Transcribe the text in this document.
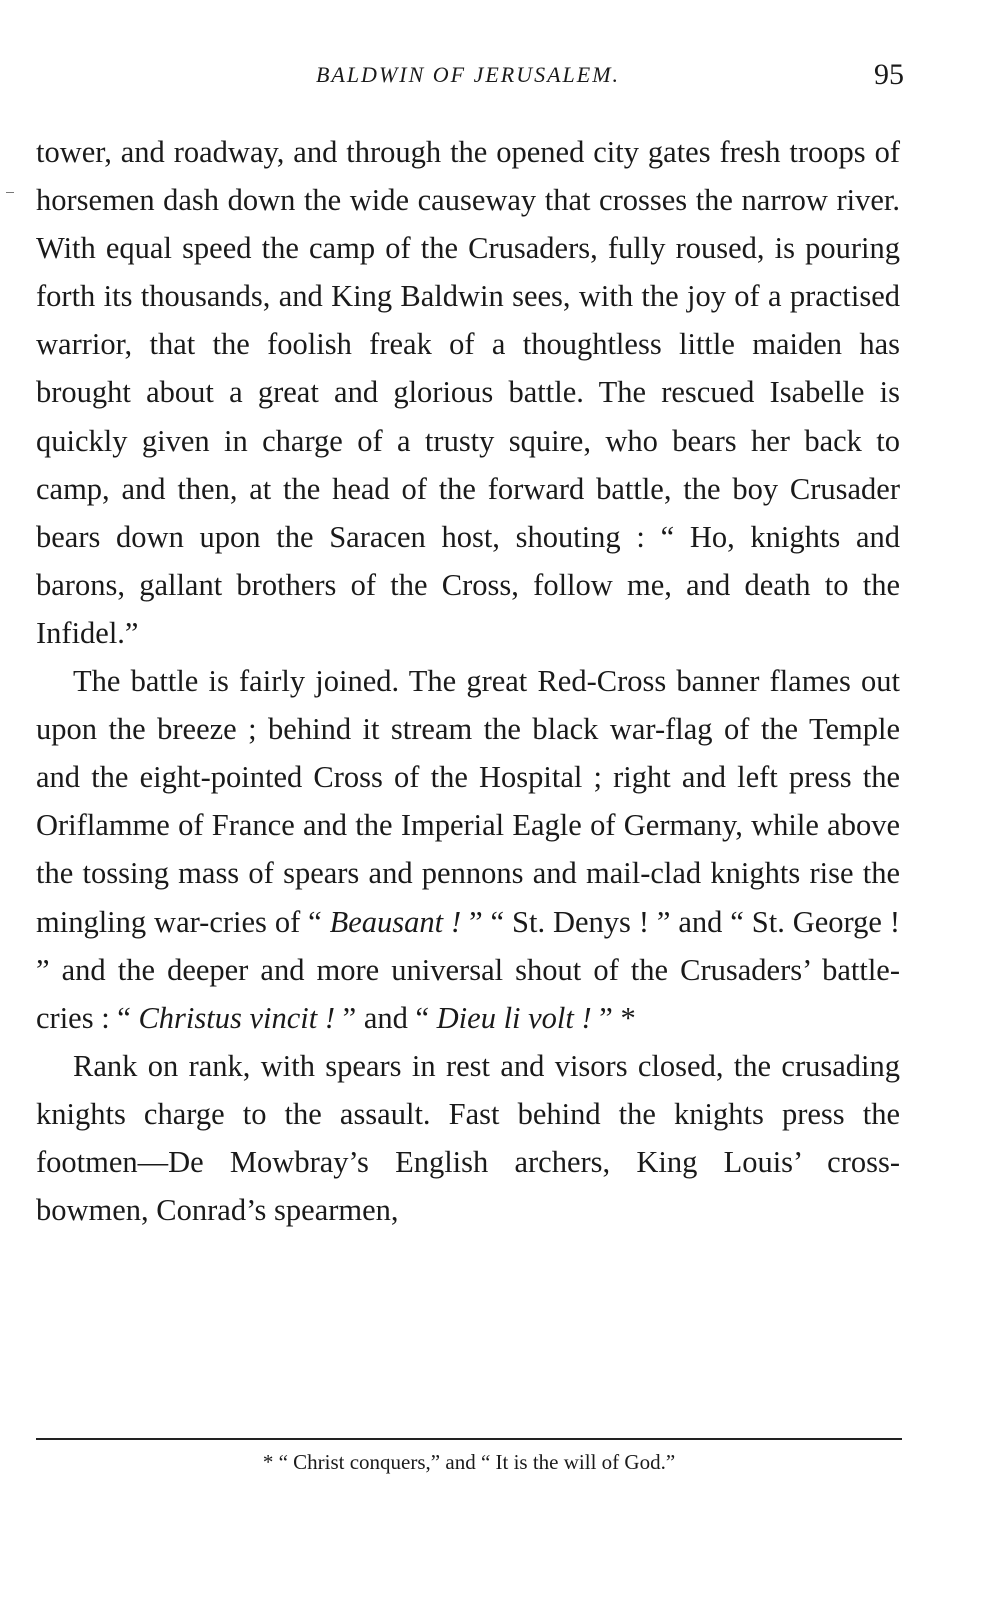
BALDWIN OF JERUSALEM.	95

tower, and roadway, and through the opened city gates fresh troops of horsemen dash down the wide causeway that crosses the narrow river. With equal speed the camp of the Crusaders, fully roused, is pouring forth its thousands, and King Baldwin sees, with the joy of a practised warrior, that the foolish freak of a thoughtless little maiden has brought about a great and glorious battle. The rescued Isabelle is quickly given in charge of a trusty squire, who bears her back to camp, and then, at the head of the forward battle, the boy Crusader bears down upon the Saracen host, shouting : “ Ho, knights and barons, gallant brothers of the Cross, follow me, and death to the Infidel.”

The battle is fairly joined. The great Red-Cross banner flames out upon the breeze ; behind it stream the black war-flag of the Temple and the eight-pointed Cross of the Hospital ; right and left press the Oriflamme of France and the Imperial Eagle of Germany, while above the tossing mass of spears and pennons and mail-clad knights rise the mingling war-cries of “ Beausant ! ” “ St. Denys ! ” and “ St. George ! ” and the deeper and more universal shout of the Crusaders’ battle-cries : “ Christus vincit ! ” and “ Dieu li volt ! ” *

Rank on rank, with spears in rest and visors closed, the crusading knights charge to the assault. Fast behind the knights press the footmen—De Mowbray’s English archers, King Louis’ cross-bowmen, Conrad’s spearmen,

* “ Christ conquers,” and “ It is the will of God.”
